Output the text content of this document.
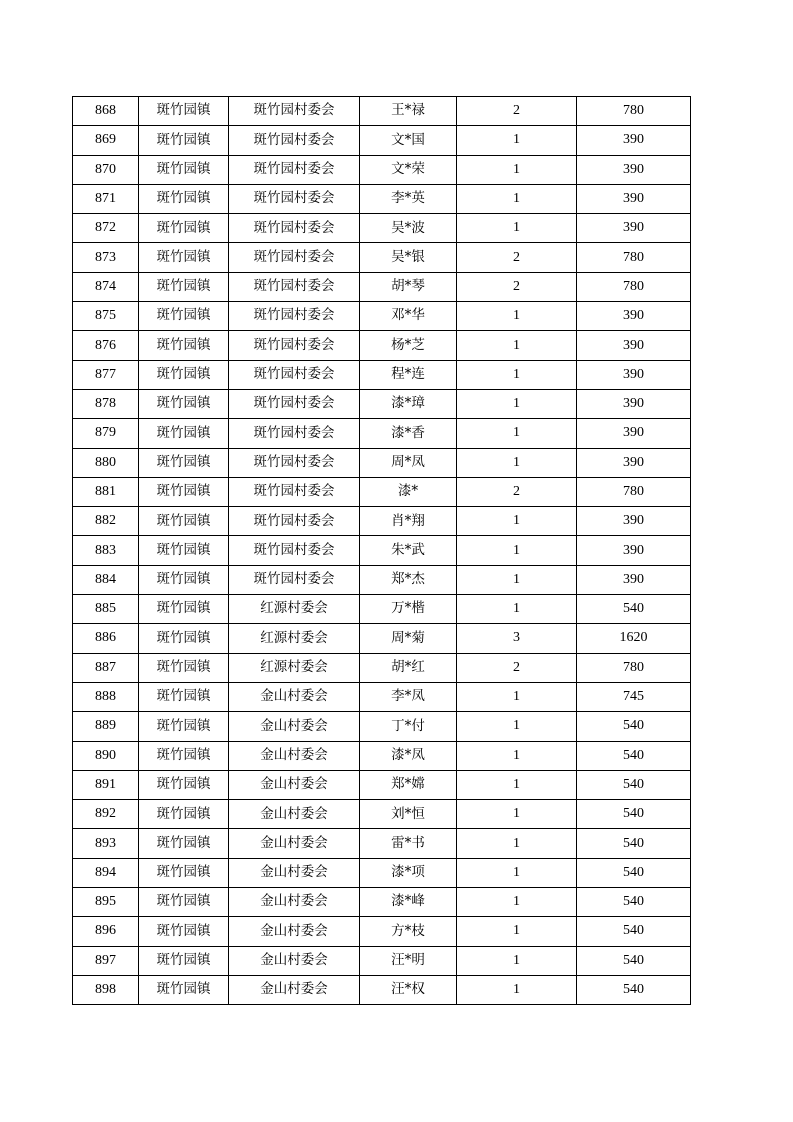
868	斑竹园镇	斑竹园村委会	王*禄	2	780
869	斑竹园镇	斑竹园村委会	文*国	1	390
870	斑竹园镇	斑竹园村委会	文*荣	1	390
871	斑竹园镇	斑竹园村委会	李*英	1	390
872	斑竹园镇	斑竹园村委会	吴*波	1	390
873	斑竹园镇	斑竹园村委会	吴*银	2	780
874	斑竹园镇	斑竹园村委会	胡*琴	2	780
875	斑竹园镇	斑竹园村委会	邓*华	1	390
876	斑竹园镇	斑竹园村委会	杨*芝	1	390
877	斑竹园镇	斑竹园村委会	程*连	1	390
878	斑竹园镇	斑竹园村委会	漆*璋	1	390
879	斑竹园镇	斑竹园村委会	漆*香	1	390
880	斑竹园镇	斑竹园村委会	周*凤	1	390
881	斑竹园镇	斑竹园村委会	漆*	2	780
882	斑竹园镇	斑竹园村委会	肖*翔	1	390
883	斑竹园镇	斑竹园村委会	朱*武	1	390
884	斑竹园镇	斑竹园村委会	郑*杰	1	390
885	斑竹园镇	红源村委会	万*楷	1	540
886	斑竹园镇	红源村委会	周*菊	3	1620
887	斑竹园镇	红源村委会	胡*红	2	780
888	斑竹园镇	金山村委会	李*凤	1	745
889	斑竹园镇	金山村委会	丁*付	1	540
890	斑竹园镇	金山村委会	漆*凤	1	540
891	斑竹园镇	金山村委会	郑*嫦	1	540
892	斑竹园镇	金山村委会	刘*恒	1	540
893	斑竹园镇	金山村委会	雷*书	1	540
894	斑竹园镇	金山村委会	漆*项	1	540
895	斑竹园镇	金山村委会	漆*峰	1	540
896	斑竹园镇	金山村委会	方*枝	1	540
897	斑竹园镇	金山村委会	汪*明	1	540
898	斑竹园镇	金山村委会	汪*权	1	540
